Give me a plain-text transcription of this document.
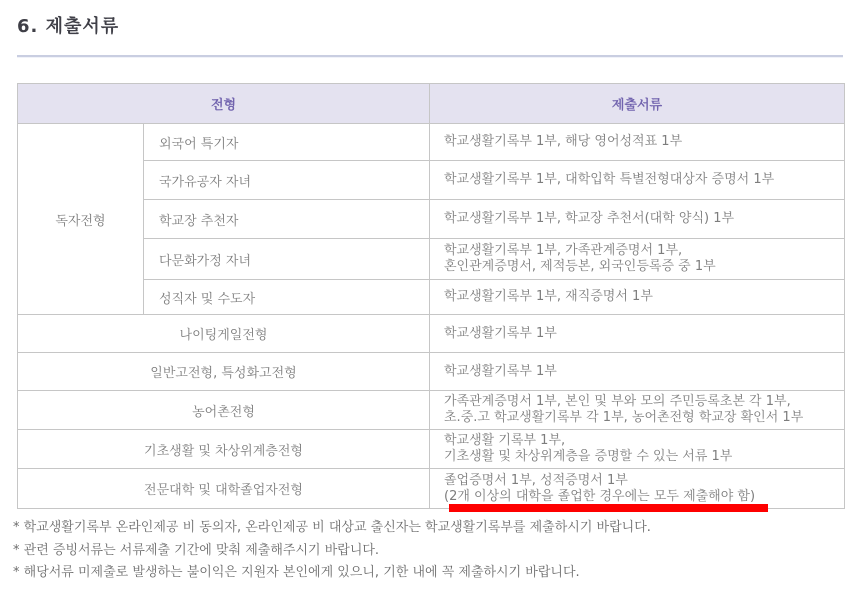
6. 제출서류
전형		제출서류
독자전형	외국어 특기자	학교생활기록부 1부, 해당 영어성적표 1부

	국가유공자 자녀	학교생활기록부 1부, 대학입학 특별전형대상자 증명서 1부

	학교장 추천자	학교생활기록부 1부, 학교장 추천서(대학 양식) 1부

	다문화가정 자녀	학교생활기록부 1부, 가족관계증명서 1부,
혼인관계증명서, 제적등본, 외국인등록증 중 1부

	성직자 및 수도자	학교생활기록부 1부, 재직증명서 1부

나이팅게일전형		학교생활기록부 1부

일반고전형, 특성화고전형		학교생활기록부 1부

농어촌전형		가족관계증명서 1부, 본인 및 부와 모의 주민등록초본 각 1부,
초.중.고 학교생활기록부 각 1부, 농어촌전형 학교장 확인서 1부

기초생활 및 차상위계층전형		학교생활 기록부 1부,
기초생활 및 차상위계층을 증명할 수 있는 서류 1부

전문대학 및 대학졸업자전형		졸업증명서 1부, 성적증명서 1부
(2개 이상의 대학을 졸업한 경우에는 모두 제출해야 함)
* 학교생활기록부 온라인제공 비 동의자, 온라인제공 비 대상교 출신자는 학교생활기록부를 제출하시기 바랍니다.
* 관련 증빙서류는 서류제출 기간에 맞춰 제출해주시기 바랍니다.
* 해당서류 미제출로 발생하는 불이익은 지원자 본인에게 있으니, 기한 내에 꼭 제출하시기 바랍니다.
